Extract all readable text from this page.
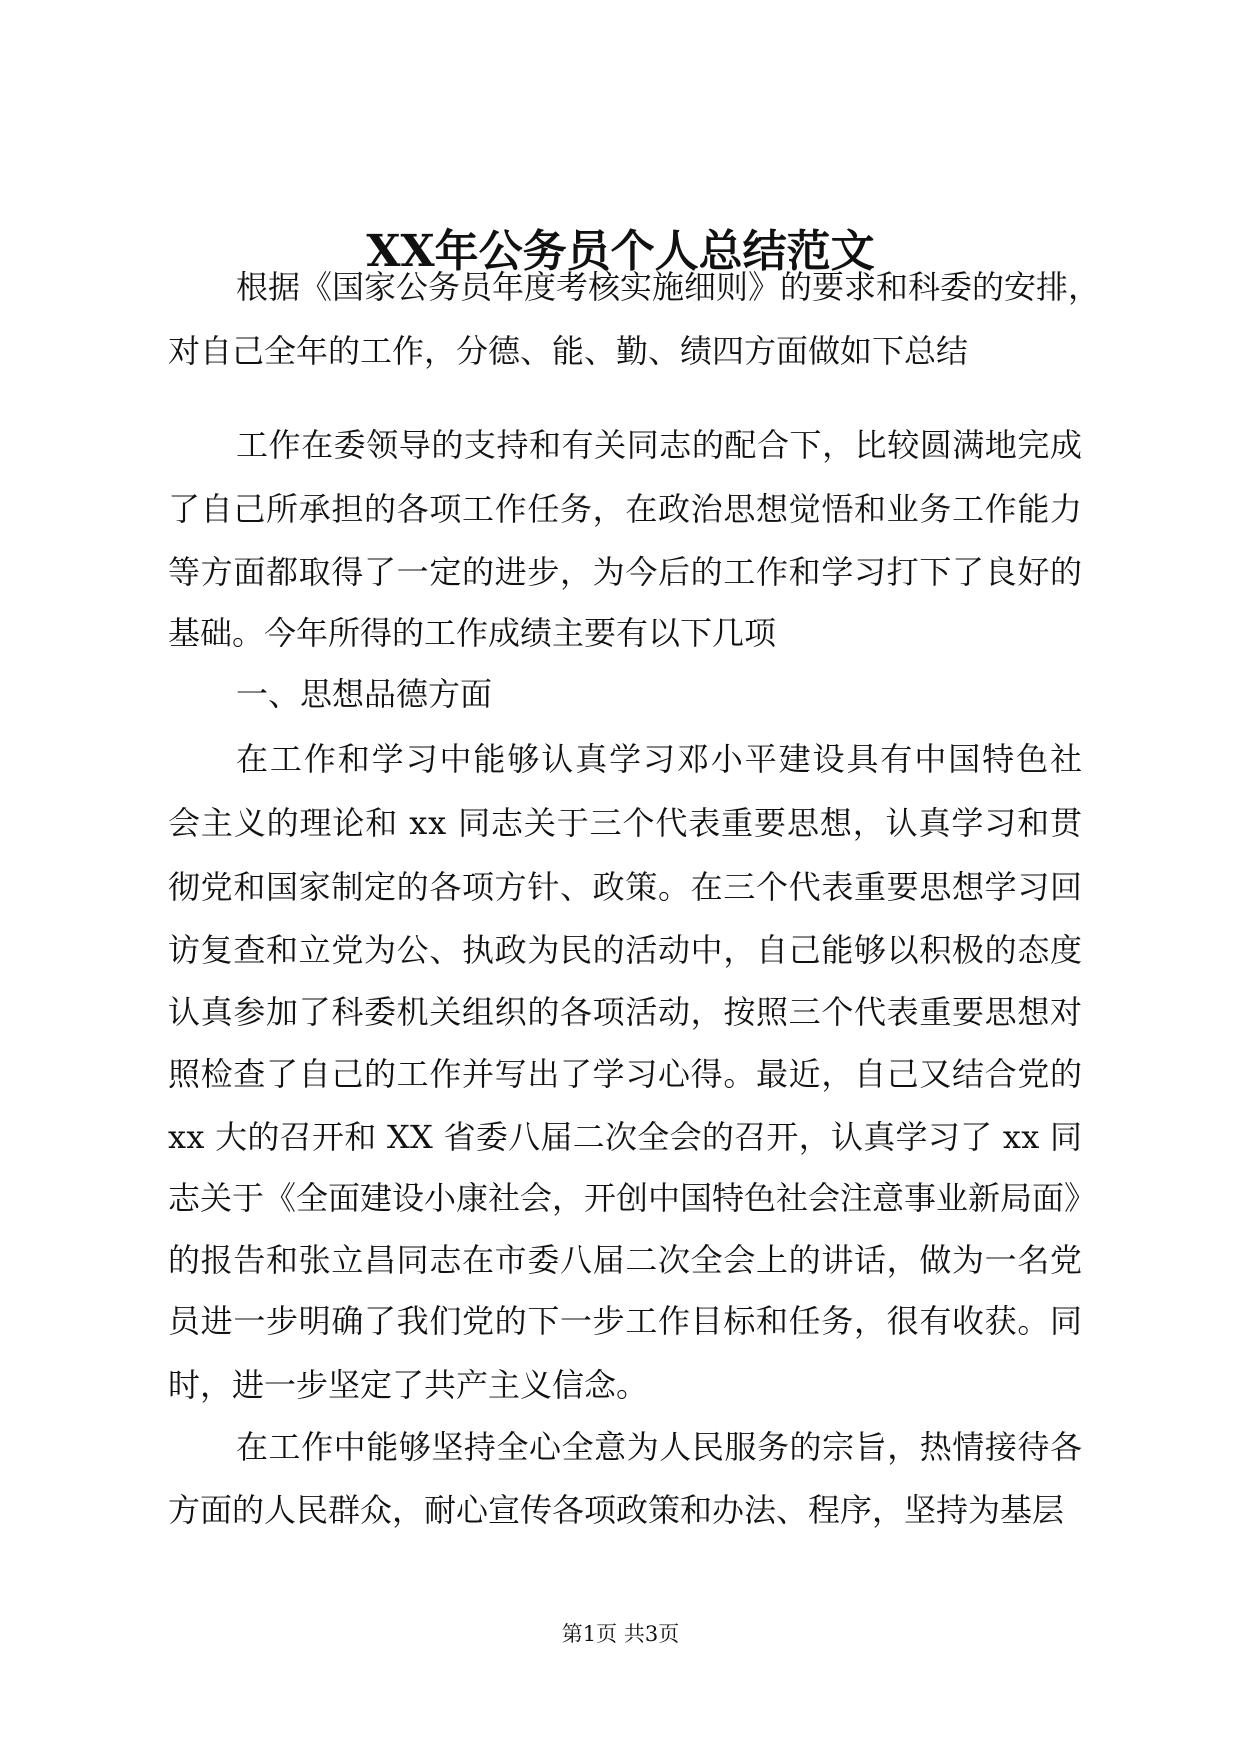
XX年公务员个人总结范文
根据《国家公务员年度考核实施细则》的要求和科委的安排，
对自己全年的工作，分德、能、勤、绩四方面做如下总结
工作在委领导的支持和有关同志的配合下，比较圆满地完成
了自己所承担的各项工作任务，在政治思想觉悟和业务工作能力
等方面都取得了一定的进步，为今后的工作和学习打下了良好的
基础。今年所得的工作成绩主要有以下几项
一、思想品德方面
在工作和学习中能够认真学习邓小平建设具有中国特色社
会主义的理论和 xx 同志关于三个代表重要思想，认真学习和贯
彻党和国家制定的各项方针、政策。在三个代表重要思想学习回
访复查和立党为公、执政为民的活动中，自己能够以积极的态度
认真参加了科委机关组织的各项活动，按照三个代表重要思想对
照检查了自己的工作并写出了学习心得。最近，自己又结合党的
xx 大的召开和 XX 省委八届二次全会的召开，认真学习了 xx 同
志关于《全面建设小康社会，开创中国特色社会注意事业新局面》
的报告和张立昌同志在市委八届二次全会上的讲话，做为一名党
员进一步明确了我们党的下一步工作目标和任务，很有收获。同
时，进一步坚定了共产主义信念。
在工作中能够坚持全心全意为人民服务的宗旨，热情接待各
方面的人民群众，耐心宣传各项政策和办法、程序，坚持为基层
第1页 共3页
